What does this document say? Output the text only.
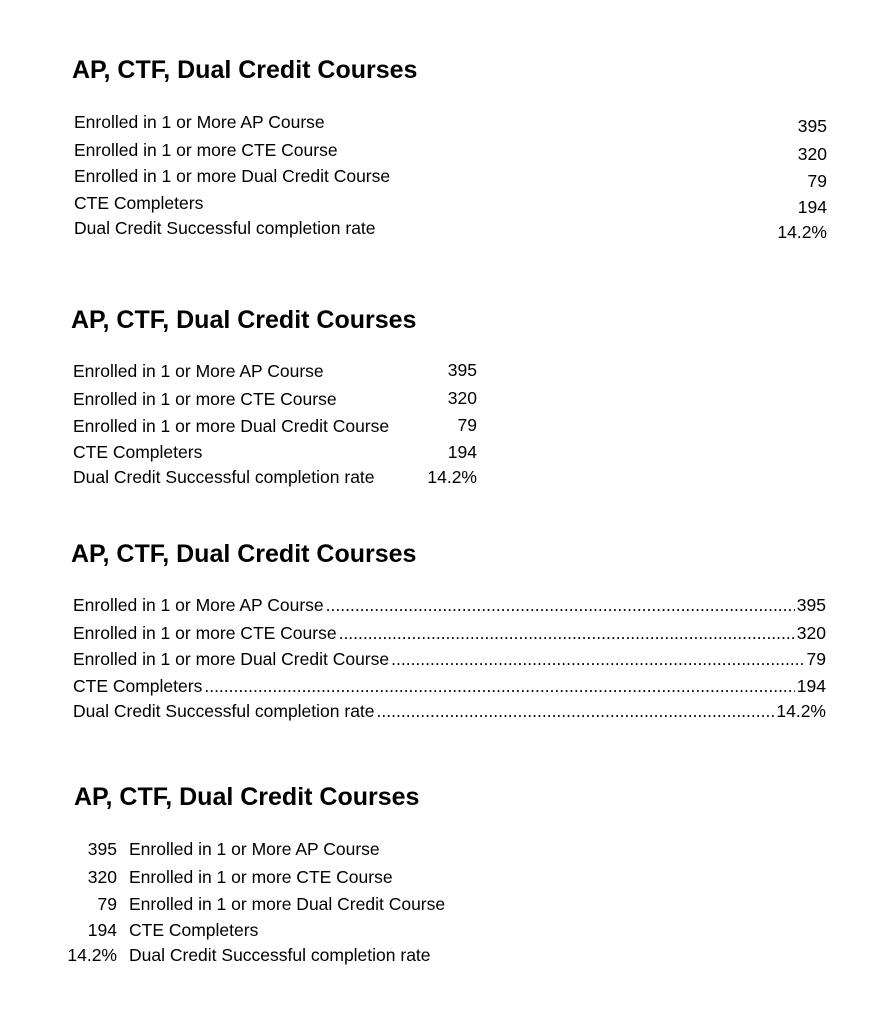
AP, CTF, Dual Credit Courses
Enrolled in 1 or More AP Course	395
Enrolled in 1 or more CTE Course	320
Enrolled in 1 or more Dual Credit Course	79
CTE Completers	194
Dual Credit Successful completion rate	14.2%
AP, CTF, Dual Credit Courses
Enrolled in 1 or More AP Course	395
Enrolled in 1 or more CTE Course	320
Enrolled in 1 or more Dual Credit Course	79
CTE Completers	194
Dual Credit Successful completion rate	14.2%
AP, CTF, Dual Credit Courses
Enrolled in 1 or More AP Course .....	395
Enrolled in 1 or more CTE Course .....	320
Enrolled in 1 or more Dual Credit Course .....	79
CTE Completers .....	194
Dual Credit Successful completion rate .....	14.2%
AP, CTF, Dual Credit Courses
395 Enrolled in 1 or More AP Course
320 Enrolled in 1 or more CTE Course
79 Enrolled in 1 or more Dual Credit Course
194 CTE Completers
14.2% Dual Credit Successful completion rate
